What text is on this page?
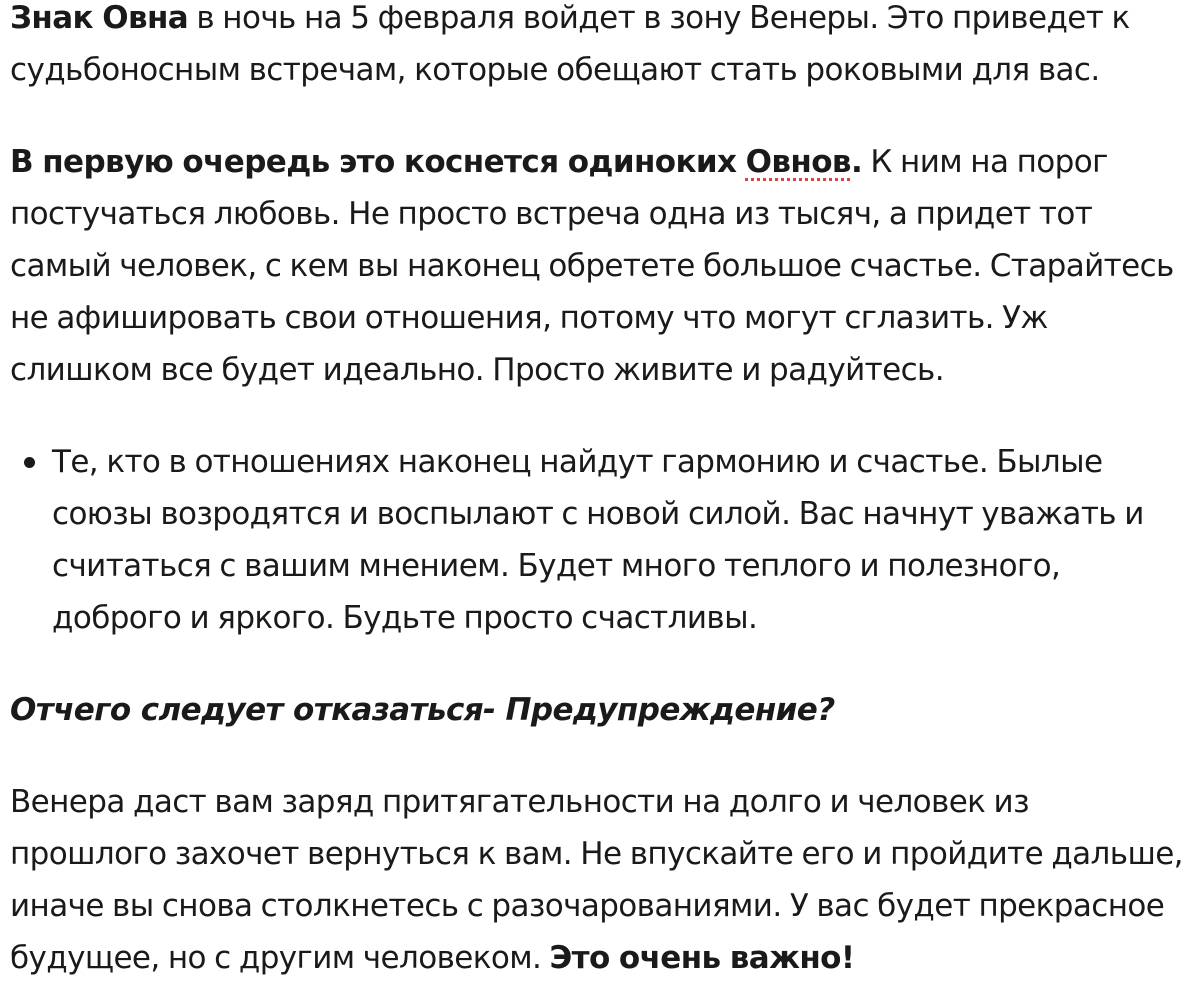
Знак Овна в ночь на 5 февраля войдет в зону Венеры. Это приведет к судьбоносным встречам, которые обещают стать роковыми для вас.

В первую очередь это коснется одиноких Овнов. К ним на порог постучаться любовь. Не просто встреча одна из тысяч, а придет тот самый человек, с кем вы наконец обретете большое счастье. Старайтесь не афишировать свои отношения, потому что могут сглазить. Уж слишком все будет идеально. Просто живите и радуйтесь.

Те, кто в отношениях наконец найдут гармонию и счастье. Былые союзы возродятся и воспылают с новой силой. Вас начнут уважать и считаться с вашим мнением. Будет много теплого и полезного, доброго и яркого. Будьте просто счастливы.

Отчего следует отказаться- Предупреждение?

Венера даст вам заряд притягательности на долго и человек из прошлого захочет вернуться к вам. Не впускайте его и пройдите дальше, иначе вы снова столкнетесь с разочарованиями. У вас будет прекрасное будущее, но с другим человеком. Это очень важно!
